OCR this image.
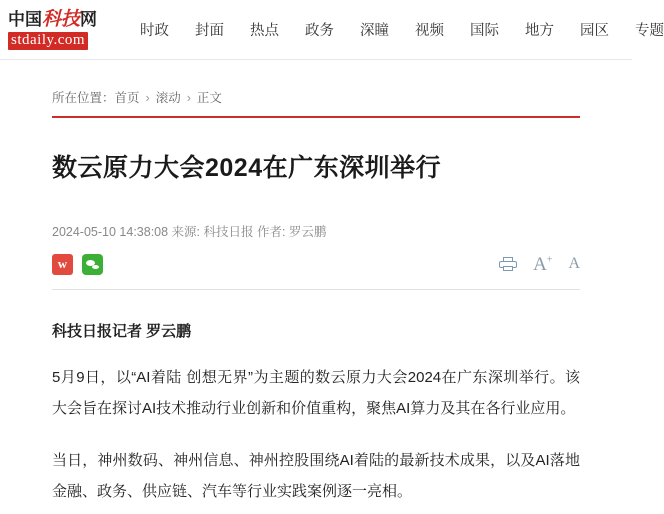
中国科技网
stdaily.com
时政 封面 热点 政务 深瞳 视频 国际 地方 园区 专题
所在位置：首页 › 滚动 › 正文
数云原力大会2024在广东深圳举行
2024-05-10 14:38:08 来源: 科技日报 作者: 罗云鹏
w
A+ A
科技日报记者 罗云鹏

5月9日，以“AI着陆 创想无界”为主题的数云原力大会2024在广东深圳举行。该大会旨在探讨AI技术推动行业创新和价值重构，聚焦AI算力及其在各行业应用。

当日，神州数码、神州信息、神州控股围绕AI着陆的最新技术成果，以及AI落地金融、政务、供应链、汽车等行业实践案例逐一亮相。
